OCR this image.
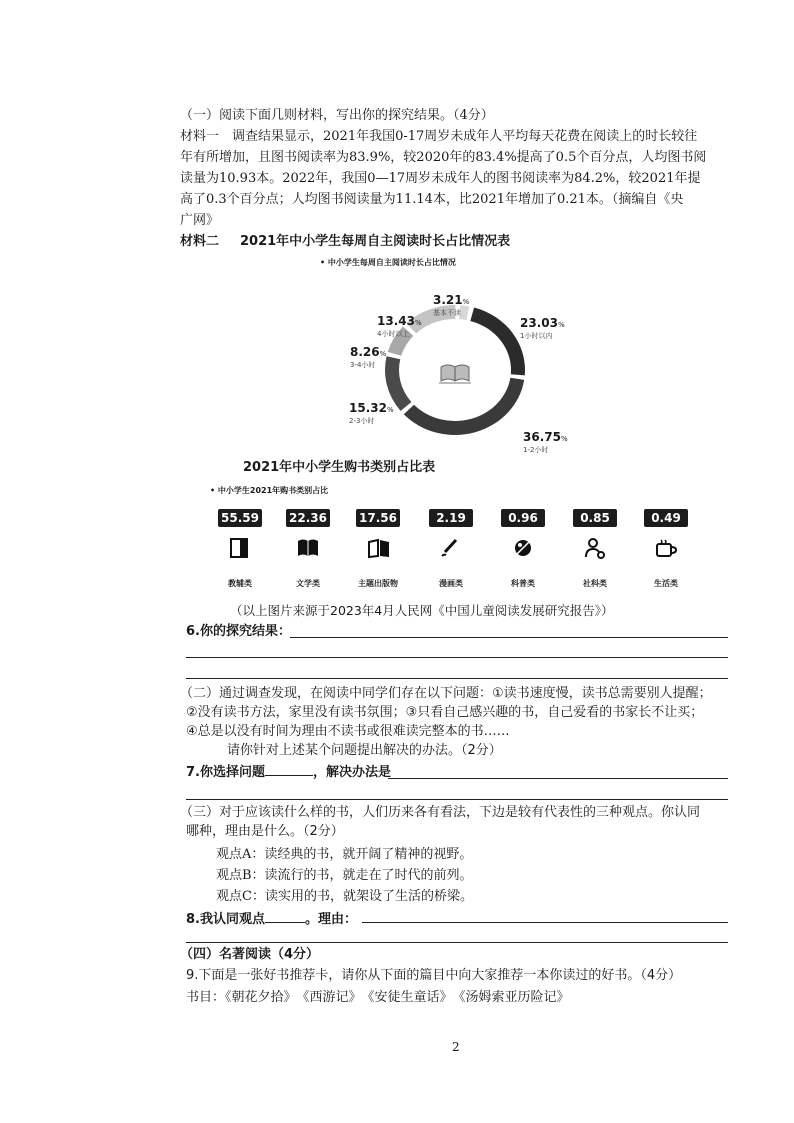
（一）阅读下面几则材料，写出你的探究结果。（4分）
材料一　调查结果显示，2021年我国0-17周岁未成年人平均每天花费在阅读上的时长较往
年有所增加，且图书阅读率为83.9%，较2020年的83.4%提高了0.5个百分点，人均图书阅
读量为10.93本。2022年，我国0—17周岁未成年人的图书阅读率为84.2%，较2021年提
高了0.3个百分点；人均图书阅读量为11.14本，比2021年增加了0.21本。（摘编自《央
广网》
材料二 2021年中小学生每周自主阅读时长占比情况表
• 中小学生每周自主阅读时长占比情况
3.21%
基本不读
23.03%
1小时以内
36.75%
1-2小时
15.32%
2-3小时
8.26%
3-4小时
13.43%
4小时以上
2021年中小学生购书类别占比表
• 中小学生2021年购书类别占比
55.59	22.36	17.56	2.19	0.96	0.85	0.49
教辅类	文学类	主题出版物	漫画类	科普类	社科类	生活类
（以上图片来源于2023年4月人民网《中国儿童阅读发展研究报告》）
6.你的探究结果：
（二）通过调查发现，在阅读中同学们存在以下问题：①读书速度慢，读书总需要别人提醒；
②没有读书方法，家里没有读书氛围；③只看自己感兴趣的书，自己爱看的书家长不让买；
④总是以没有时间为理由不读书或很难读完整本的书……
请你针对上述某个问题提出解决的办法。（2分）
7.你选择问题	，解决办法是
（三）对于应该读什么样的书，人们历来各有看法，下边是较有代表性的三种观点。你认同
哪种，理由是什么。（2分）
观点A：读经典的书，就开阔了精神的视野。
观点B：读流行的书，就走在了时代的前列。
观点C：读实用的书，就架设了生活的桥梁。
8.我认同观点	。理由：
（四）名著阅读（4分）
9.下面是一张好书推荐卡，请你从下面的篇目中向大家推荐一本你读过的好书。（4分）
书目：《朝花夕拾》　《西游记》　《安徒生童话》　《汤姆索亚历险记》
2
